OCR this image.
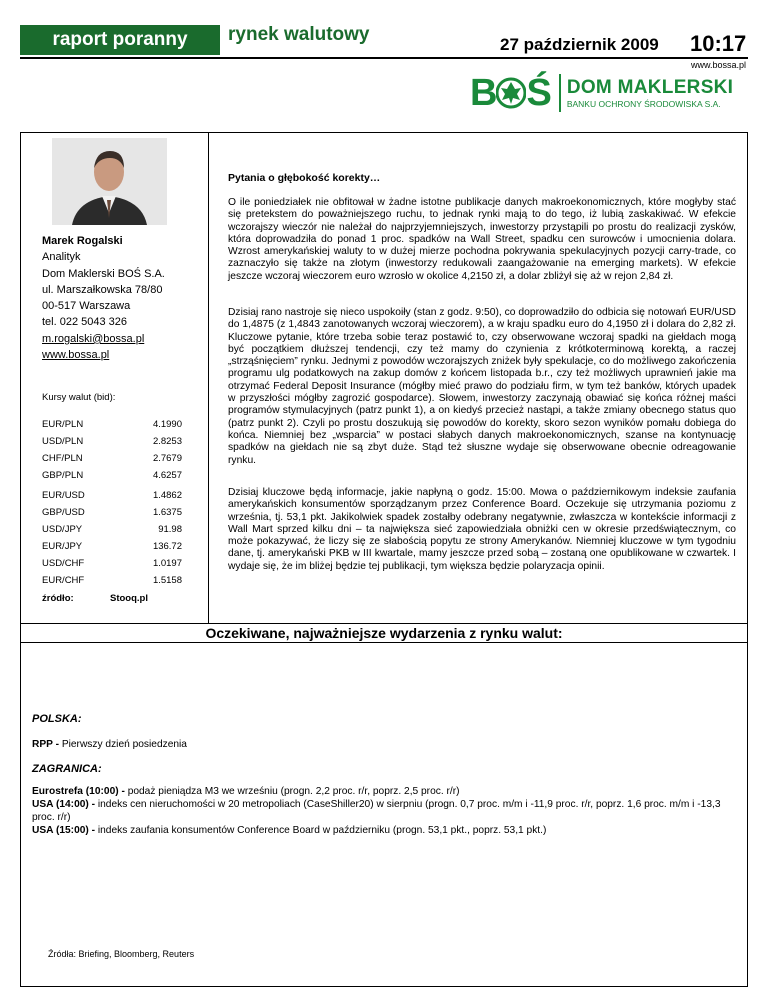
raport poranny rynek walutowy	27 październik 2009 10:17
www.bossa.pl
B Ś DOM MAKLERSKI
BANKU OCHRONY ŚRODOWISKA S.A.
Marek Rogalski
Analityk
Dom Maklerski BOŚ S.A.
ul. Marszałkowska 78/80
00-517 Warszawa
tel. 022 5043 326
m.rogalski@bossa.pl
www.bossa.pl
Kursy walut (bid):
EUR/PLN	4.1990
USD/PLN	2.8253
CHF/PLN	2.7679
GBP/PLN	4.6257
EUR/USD	1.4862
GBP/USD	1.6375
USD/JPY	91.98
EUR/JPY	136.72
USD/CHF	1.0197
EUR/CHF	1.5158
źródło:	Stooq.pl
Pytania o głębokość korekty…
O ile poniedziałek nie obfitował w żadne istotne publikacje danych makroekonomicznych, które mogłyby stać się pretekstem do poważniejszego ruchu, to jednak rynki mają to do tego, iż lubią zaskakiwać. W efekcie wczorajszy wieczór nie należał do najprzyjemniejszych, inwestorzy przystąpili po prostu do realizacji zysków, która doprowadziła do ponad 1 proc. spadków na Wall Street, spadku cen surowców i umocnienia dolara. Wzrost amerykańskiej waluty to w dużej mierze pochodna pokrywania spekulacyjnych pozycji carry-trade, co zaznaczyło się także na złotym (inwestorzy redukowali zaangażowanie na emerging markets). W efekcie jeszcze wczoraj wieczorem euro wzrosło w okolice 4,2150 zł, a dolar zbliżył się aż w rejon 2,84 zł.
Dzisiaj rano nastroje się nieco uspokoiły (stan z godz. 9:50), co doprowadziło do odbicia się notowań EUR/USD do 1,4875 (z 1,4843 zanotowanych wczoraj wieczorem), a w kraju spadku euro do 4,1950 zł i dolara do 2,82 zł. Kluczowe pytanie, które trzeba sobie teraz postawić to, czy obserwowane wczoraj spadki na giełdach mogą być początkiem dłuższej tendencji, czy też mamy do czynienia z krótkoterminową korektą, a raczej „strząśnięciem” rynku. Jednymi z powodów wczorajszych zniżek były spekulacje, co do możliwego zakończenia programu ulg podatkowych na zakup domów z końcem listopada b.r., czy też możliwych uprawnień jakie ma otrzymać Federal Deposit Insurance (mógłby mieć prawo do podziału firm, w tym też banków, których upadek w przyszłości mógłby zagrozić gospodarce). Słowem, inwestorzy zaczynają obawiać się końca różnej maści programów stymulacyjnych (patrz punkt 1), a on kiedyś przecież nastąpi, a także zmiany obecnego status quo (patrz punkt 2). Czyli po prostu doszukują się powodów do korekty, skoro sezon wyników pomału dobiega do końca. Niemniej bez „wsparcia” w postaci słabych danych makroekonomicznych, szanse na kontynuację spadków na giełdach nie są zbyt duże. Stąd też słuszne wydaje się obserwowane obecnie odreagowanie rynku.
Dzisiaj kluczowe będą informacje, jakie napłyną o godz. 15:00. Mowa o październikowym indeksie zaufania amerykańskich konsumentów sporządzanym przez Conference Board. Oczekuje się utrzymania poziomu z września, tj. 53,1 pkt. Jakikolwiek spadek zostałby odebrany negatywnie, zwłaszcza w kontekście informacji z Wall Mart sprzed kilku dni – ta największa sieć zapowiedziała obniżki cen w okresie przedświątecznym, co może pokazywać, że liczy się ze słabością popytu ze strony Amerykanów. Niemniej kluczowe w tym tygodniu dane, tj. amerykański PKB w III kwartale, mamy jeszcze przed sobą – zostaną one opublikowane w czwartek. I wydaje się, że im bliżej będzie tej publikacji, tym większa będzie polaryzacja opinii.
Oczekiwane, najważniejsze wydarzenia z rynku walut:
POLSKA:
RPP - Pierwszy dzień posiedzenia
ZAGRANICA:
Eurostrefa (10:00) - podaż pieniądza M3 we wrześniu (progn. 2,2 proc. r/r, poprz. 2,5 proc. r/r)
USA (14:00) - indeks cen nieruchomości w 20 metropoliach (CaseShiller20) w sierpniu (progn. 0,7 proc. m/m i -11,9 proc. r/r, poprz. 1,6 proc. m/m i -13,3 proc. r/r)
USA (15:00) - indeks zaufania konsumentów Conference Board w październiku (progn. 53,1 pkt., poprz. 53,1 pkt.)
Źródła: Briefing, Bloomberg, Reuters
